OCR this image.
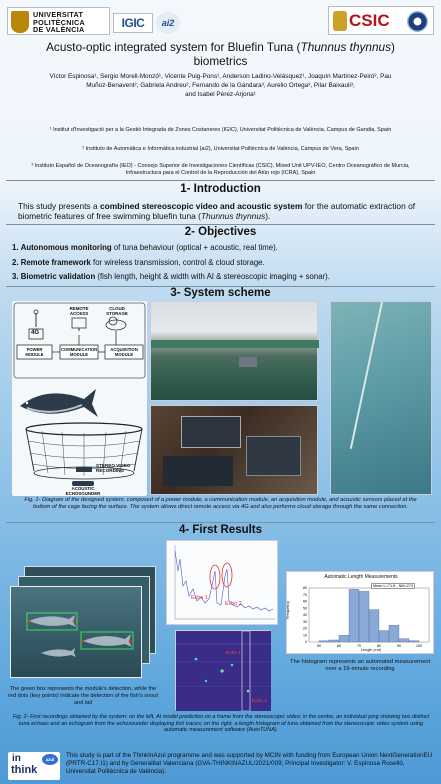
UNIVERSITAT
POLITÈCNICA
DE VALÈNCIA	IGIC ai2	CSIC
Acusto-optic integrated system for Bluefin Tuna (Thunnus thynnus)
biometrics
Víctor Espinosa¹, Sergio Morell-Monzó¹, Vicente Puig-Pons¹, Anderson Ladino-Velásquez¹, Joaquín Martínez-Peiró², Pau
Muñoz-Benavent², Gabriela Andreu², Fernando de la Gándara³, Aurelio Ortega³, Pilar Baixauli³,
and Isabel Pérez-Arjona¹
¹ Institut d'Investigació per a la Gestió Integrada de Zones Costaneres (IGIC), Universitat Politècnica de València, Campus de Gandia, Spain
² Instituto de Automática e Informática industrial (ai2), Universitat Politècnica de València, Campus de Vera, Spain
³ Instituto Español de Oceanografía (IEO) - Consejo Superior de Investigaciones Científicas (CSIC), Mixed Unit UPV-IEO, Centro Oceanográfico de Murcia, Infraestructura para el Control de la Reproducción del Atún rojo (ICRA), Spain
1- Introduction
This study presents a combined stereoscopic video and acoustic system for the automatic extraction of biometric features of free swimming bluefin tuna (Thunnus thynnus).
2- Objectives
1. Autonomous monitoring of tuna behaviour (optical + acoustic, real time).
2. Remote framework for wireless transmission, control & cloud storage.
3. Biometric validation (fish length, height & width with AI & stereoscopic imaging + sonar).
3- System scheme
4G
REMOTE ACCESS
CLOUD STORAGE
POWER MODULE
COMMUNICATION MODULE
ACQUISITION MODULE
STEREO VIDEO RECORDING
ACOUSTIC ECHOSOUNDER
Fig. 1- Diagram of the designed system, composed of a power module, a communication module, an acquisition module, and acoustic sensors placed at the bottom of the cage facing the surface. The system allows direct remote access via 4G and also performs cloud storage through the same connection.
4- First Results
The green box represents the module's detection, while the red dots (key points) indicate the detection of the fish's snout and tail
Echo 1
Echo 2
Echo 1
Echo 2
0
10
20
30
40
50
60
70
80
50	60	70	80	90	100
Automatic Length Measurements
Mean L=71.8 - NM=273
Length (cm)
Frequency
The histogram represents an automated measurement over a 19-minute recording
Fig. 2- First recordings obtained by the system: on the left, AI model prediction on a frame from the stereoscopic video; in the centre, an individual ping showing two distinct tuna echoes and an echogram from the echosounder displaying fish traces; on the right, a length histogram of tuna obtained from the stereoscopic video system using automatic measurement software (AutoTUNA).
in
think
azul
This study is part of the ThinkInAzul programme and was supported by MCIN with funding from European Union NextGenerationEU (PRTR-C17.I1) and by Generalitat Valenciana (GVA-THINKINAZUL/2021/009; Principal Investigator: V. Espinosa Roselló, Universitat Politècnica de València).
